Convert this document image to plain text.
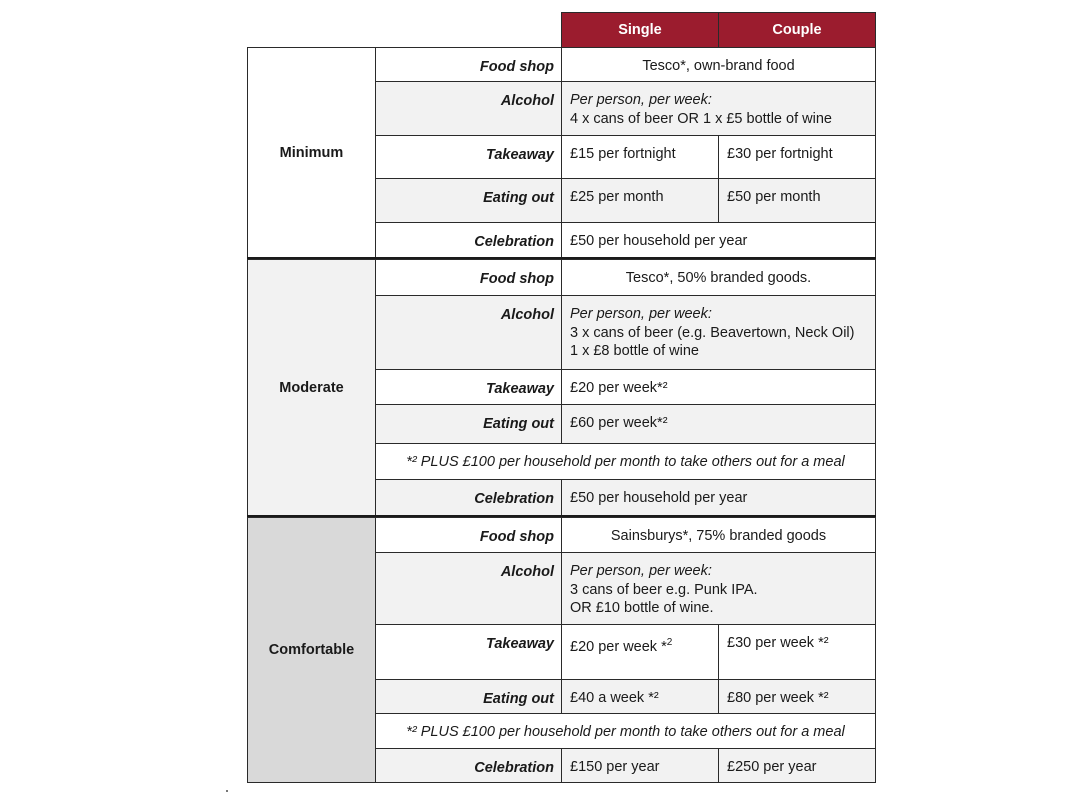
Single	Couple
Minimum
Food shop	Tesco*, own-brand food
Alcohol	Per person, per week:
4 x cans of beer OR 1 x £5 bottle of wine
Takeaway	£15 per fortnight	£30 per fortnight
Eating out	£25 per month	£50 per month
Celebration	£50 per household per year
Moderate
Food shop	Tesco*, 50% branded goods.
Alcohol	Per person, per week:
3 x cans of beer (e.g. Beavertown, Neck Oil)
1 x £8 bottle of wine
Takeaway	£20 per week*²
Eating out	£60 per week*²
*² PLUS £100 per household per month to take others out for a meal
Celebration	£50 per household per year
Comfortable
Food shop	Sainsburys*, 75% branded goods
Alcohol	Per person, per week:
3 cans of beer e.g. Punk IPA.
OR £10 bottle of wine.
Takeaway	£20 per week *$^2$	£30 per week *²
Eating out	£40 a week *²	£80 per week *²
*² PLUS £100 per household per month to take others out for a meal
Celebration	£150 per year	£250 per year
